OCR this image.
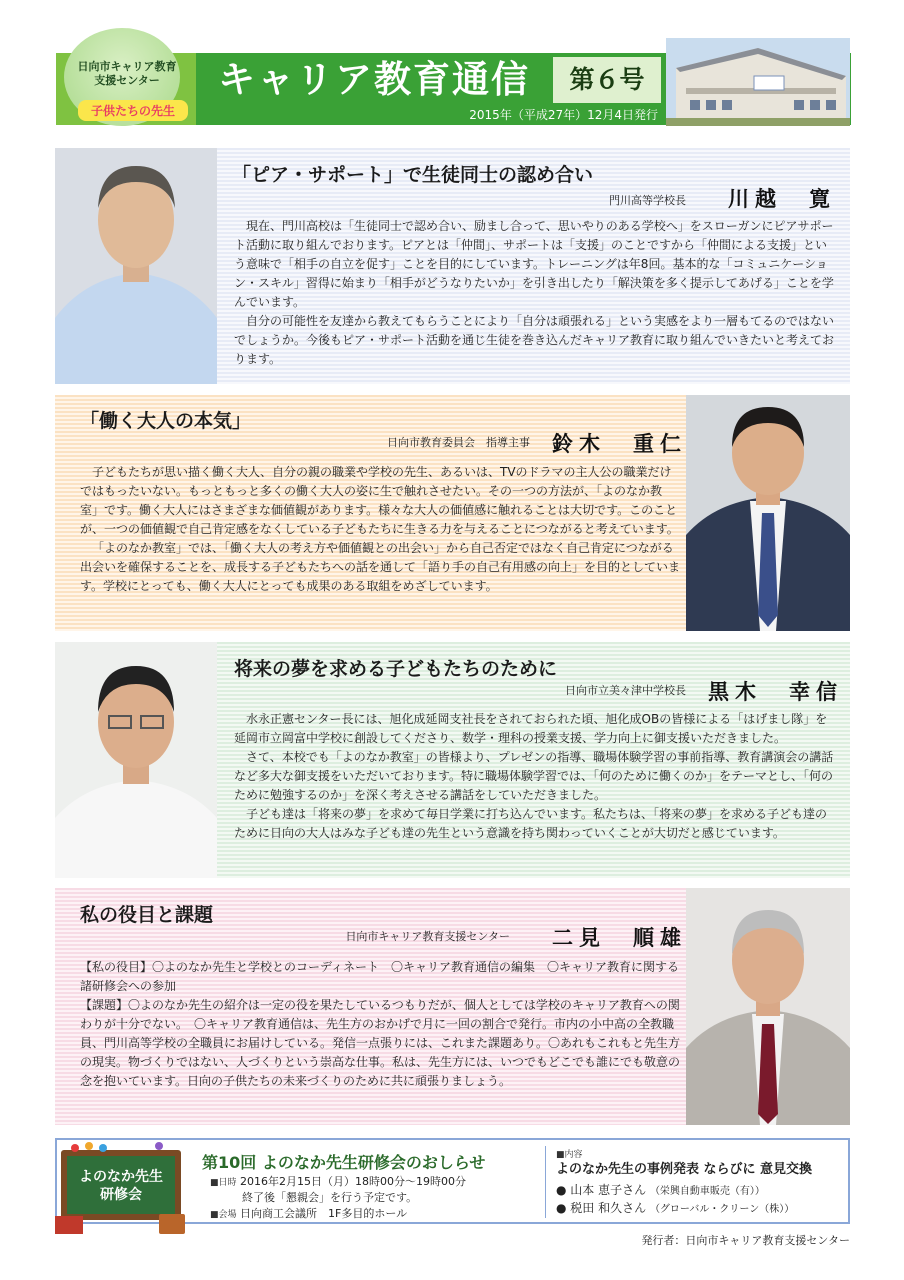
日向市キャリア教育
支援センター
子供たちの先生
キャリア教育通信	第６号
2015年（平成27年）12月4日発行
「ピア・サポート」で生徒同士の認め合い
門川高等学校長 川越　寛

現在、門川高校は「生徒同士で認め合い、励まし合って、思いやりのある学校へ」をスローガンにピアサポート活動に取り組んでおります。ピアとは「仲間」、サポートは「支援」のことですから「仲間による支援」という意味で「相手の自立を促す」ことを目的にしています。トレーニングは年8回。基本的な「コミュニケーション・スキル」習得に始まり「相手がどうなりたいか」を引き出したり「解決策を多く提示してあげる」ことを学んでいます。

自分の可能性を友達から教えてもらうことにより「自分は頑張れる」という実感をより一層もてるのではないでしょうか。今後もピア・サポート活動を通じ生徒を巻き込んだキャリア教育に取り組んでいきたいと考えております。

「働く大人の本気」
日向市教育委員会　指導主事 鈴木　重仁

子どもたちが思い描く働く大人、自分の親の職業や学校の先生、あるいは、TVのドラマの主人公の職業だけではもったいない。もっともっと多くの働く大人の姿に生で触れさせたい。その一つの方法が、「よのなか教室」です。働く大人にはさまざまな価値観があります。様々な大人の価値感に触れることは大切です。このことが、一つの価値観で自己肯定感をなくしている子どもたちに生きる力を与えることにつながると考えています。

「よのなか教室」では、「働く大人の考え方や価値観との出会い」から自己否定ではなく自己肯定につながる出会いを確保することを、成長する子どもたちへの話を通して「語り手の自己有用感の向上」を目的としています。学校にとっても、働く大人にとっても成果のある取組をめざしています。

将来の夢を求める子どもたちのために
日向市立美々津中学校長 黒木　幸信

水永正憲センター長には、旭化成延岡支社長をされておられた頃、旭化成OBの皆様による「はげまし隊」を延岡市立岡富中学校に創設してくださり、数学・理科の授業支援、学力向上に御支援いただきました。

さて、本校でも「よのなか教室」の皆様より、プレゼンの指導、職場体験学習の事前指導、教育講演会の講話など多大な御支援をいただいております。特に職場体験学習では、「何のために働くのか」をテーマとし、「何のために勉強するのか」を深く考えさせる講話をしていただきました。

子ども達は「将来の夢」を求めて毎日学業に打ち込んでいます。私たちは、「将来の夢」を求める子ども達のために日向の大人はみな子ども達の先生という意識を持ち関わっていくことが大切だと感じています。

私の役目と課題
日向市キャリア教育支援センター 二見　順雄

【私の役目】〇よのなか先生と学校とのコーディネート　〇キャリア教育通信の編集　〇キャリア教育に関する諸研修会への参加

【課題】〇よのなか先生の紹介は一定の役を果たしているつもりだが、個人としては学校のキャリア教育への関わりが十分でない。　〇キャリア教育通信は、先生方のおかげで月に一回の割合で発行。市内の小中高の全教職員、門川高等学校の全職員にお届けしている。発信一点張りには、これまた課題あり。〇あれもこれもと先生方の現実。物づくりではない、人づくりという崇高な仕事。私は、先生方には、いつでもどこでも誰にでも敬意の念を抱いています。日向の子供たちの未来づくりのために共に頑張りましょう。

よのなか先生
研修会
第10回 よのなか先生研修会のおしらせ
■日時 2016年2月15日（月）18時00分～19時00分
終了後「懇親会」を行う予定です。
■会場 日向商工会議所　1F多目的ホール
■内容
よのなか先生の事例発表 ならびに 意見交換
● 山本 恵子さん （栄興自動車販売（有））
● 税田 和久さん （グローバル・クリーン（株））
発行者：日向市キャリア教育支援センター
